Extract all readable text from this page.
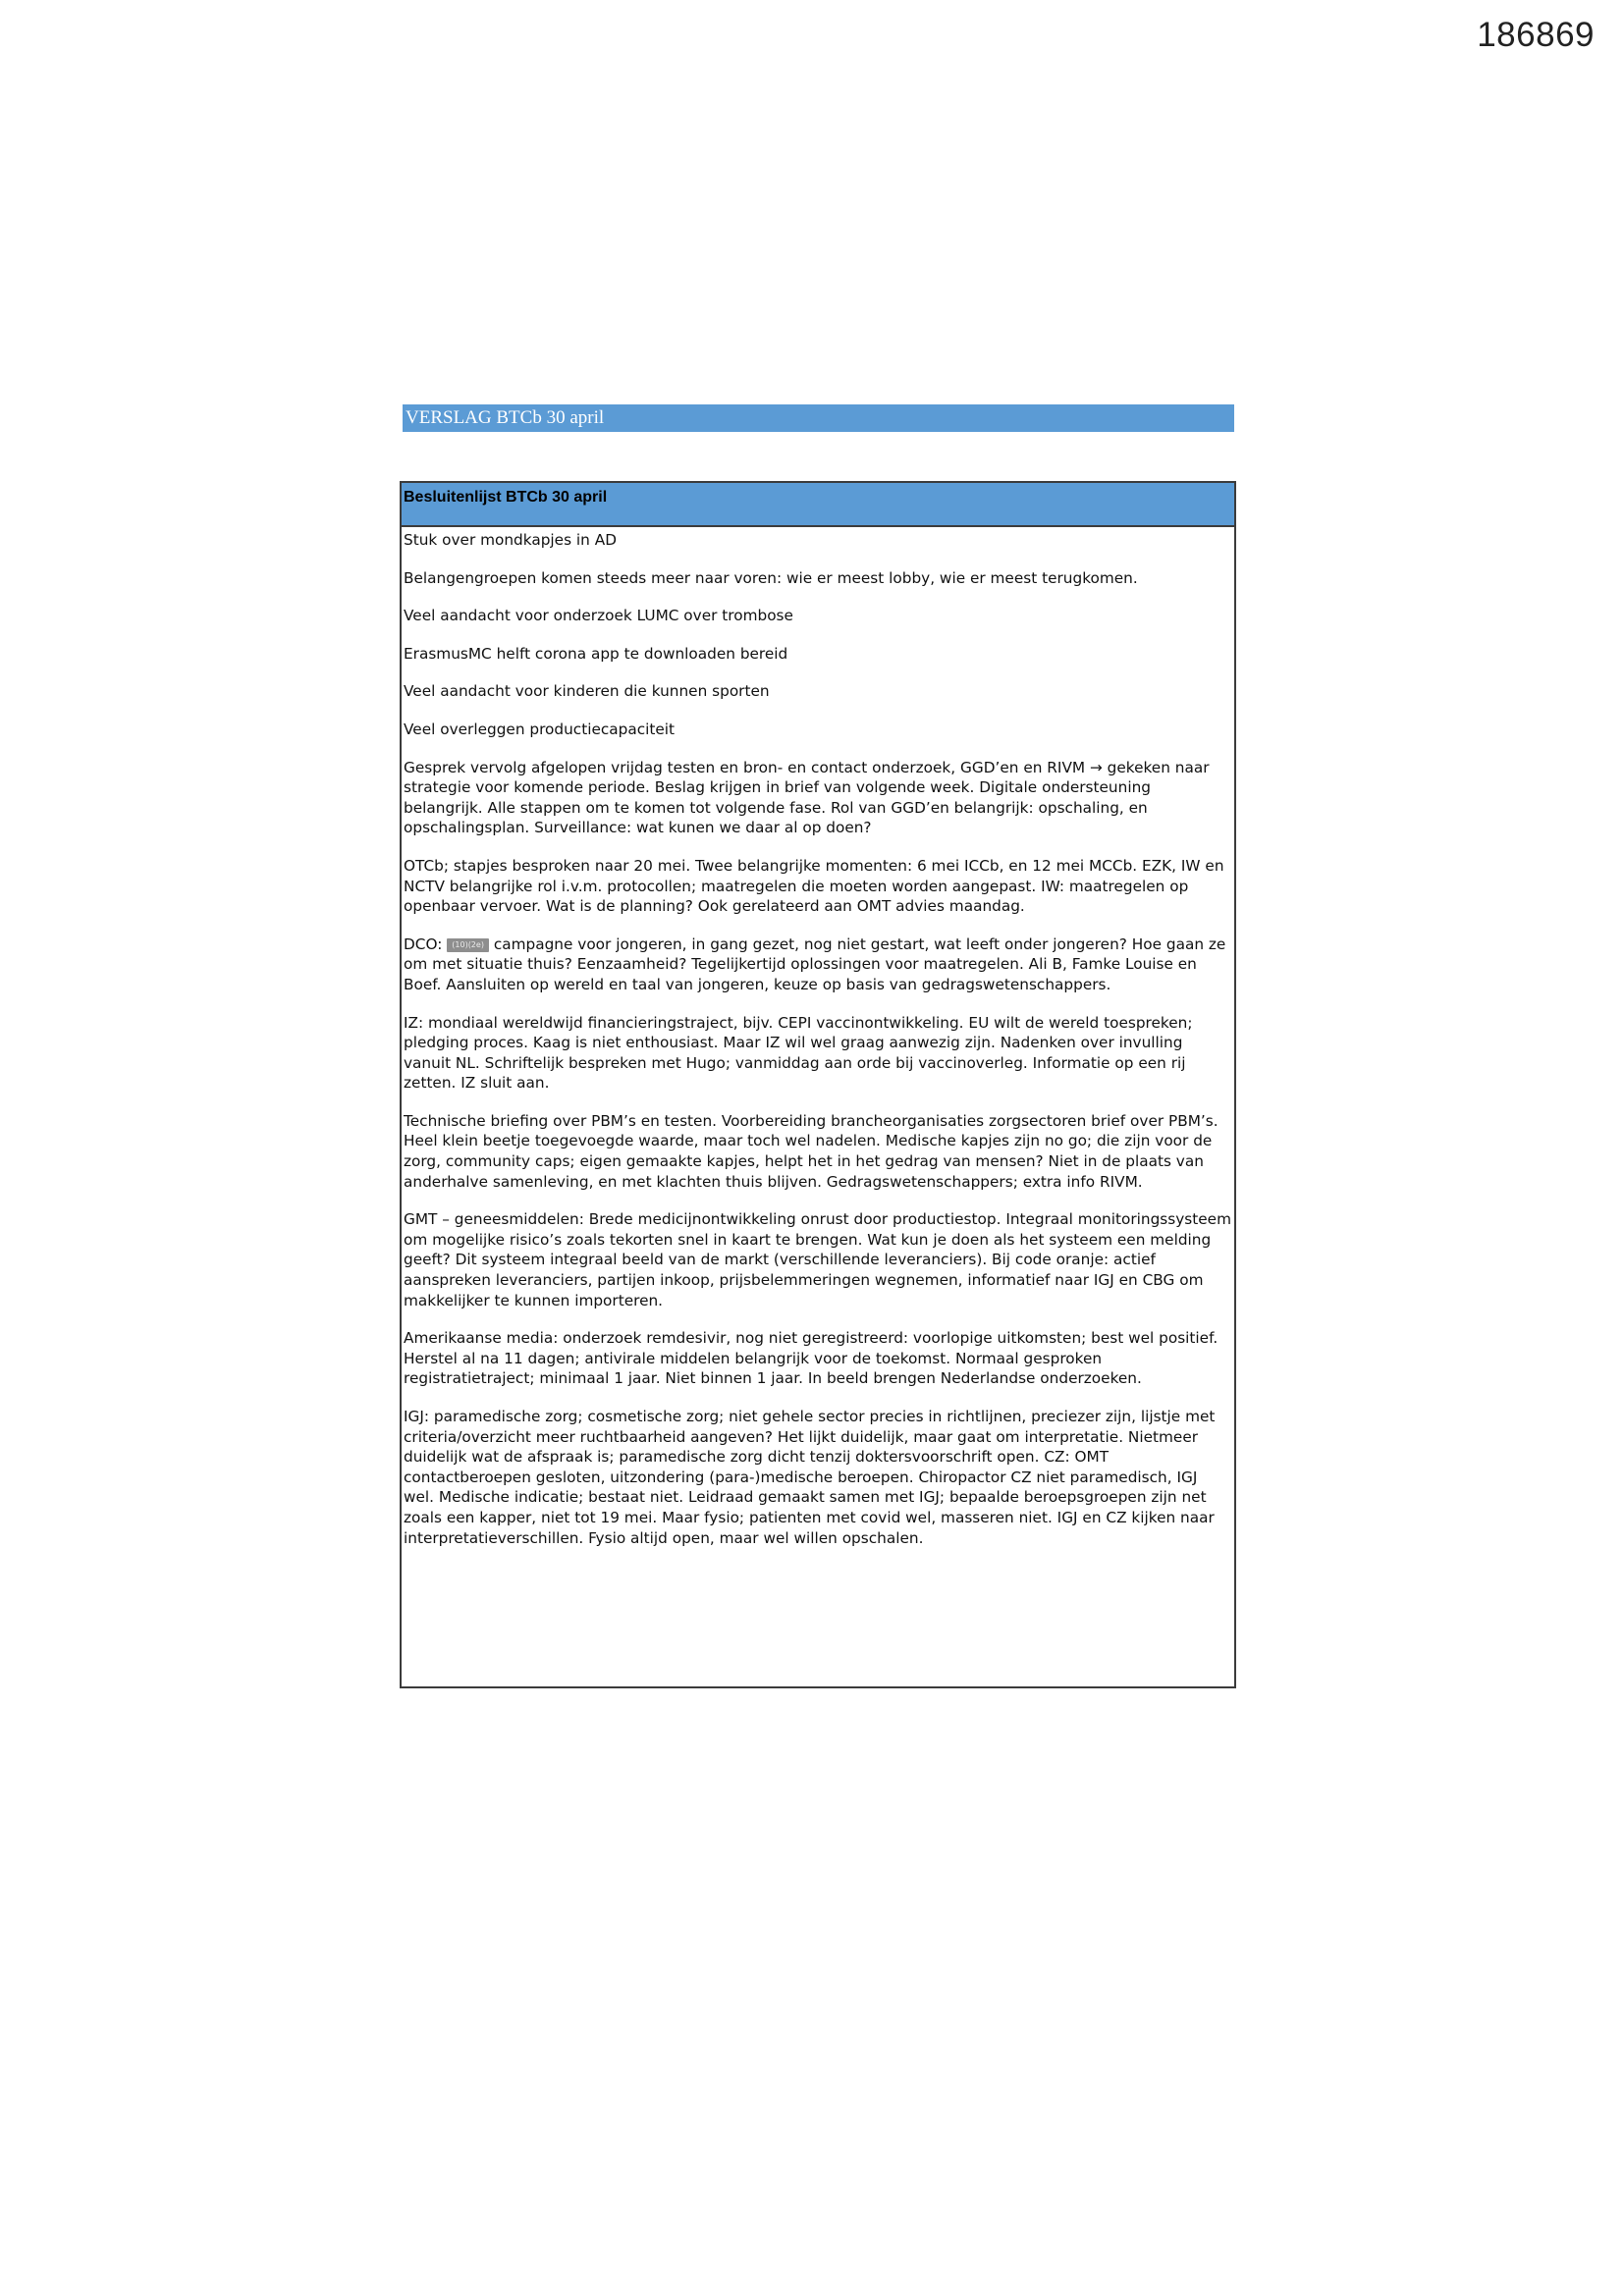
186869
VERSLAG BTCb 30 april
Besluitenlijst BTCb 30 april

Stuk over mondkapjes in AD

Belangengroepen komen steeds meer naar voren: wie er meest lobby, wie er meest terugkomen.

Veel aandacht voor onderzoek LUMC over trombose

ErasmusMC helft corona app te downloaden bereid

Veel aandacht voor kinderen die kunnen sporten

Veel overleggen productiecapaciteit

Gesprek vervolg afgelopen vrijdag testen en bron- en contact onderzoek, GGD’en en RIVM → gekeken naar strategie voor komende periode. Beslag krijgen in brief van volgende week. Digitale ondersteuning belangrijk. Alle stappen om te komen tot volgende fase. Rol van GGD’en belangrijk: opschaling, en opschalingsplan. Surveillance: wat kunen we daar al op doen?

OTCb; stapjes besproken naar 20 mei. Twee belangrijke momenten: 6 mei ICCb, en 12 mei MCCb. EZK, IW en NCTV belangrijke rol i.v.m. protocollen; maatregelen die moeten worden aangepast. IW: maatregelen op openbaar vervoer. Wat is de planning? Ook gerelateerd aan OMT advies maandag.

DCO: (10)(2e) campagne voor jongeren, in gang gezet, nog niet gestart, wat leeft onder jongeren? Hoe gaan ze om met situatie thuis? Eenzaamheid? Tegelijkertijd oplossingen voor maatregelen. Ali B, Famke Louise en Boef. Aansluiten op wereld en taal van jongeren, keuze op basis van gedragswetenschappers.

IZ: mondiaal wereldwijd financieringstraject, bijv. CEPI vaccinontwikkeling. EU wilt de wereld toespreken; pledging proces. Kaag is niet enthousiast. Maar IZ wil wel graag aanwezig zijn. Nadenken over invulling vanuit NL. Schriftelijk bespreken met Hugo; vanmiddag aan orde bij vaccinoverleg. Informatie op een rij zetten. IZ sluit aan.

Technische briefing over PBM’s en testen. Voorbereiding brancheorganisaties zorgsectoren brief over PBM’s. Heel klein beetje toegevoegde waarde, maar toch wel nadelen. Medische kapjes zijn no go; die zijn voor de zorg, community caps; eigen gemaakte kapjes, helpt het in het gedrag van mensen? Niet in de plaats van anderhalve samenleving, en met klachten thuis blijven. Gedragswetenschappers; extra info RIVM.

GMT – geneesmiddelen: Brede medicijnontwikkeling onrust door productiestop. Integraal monitoringssysteem om mogelijke risico’s zoals tekorten snel in kaart te brengen. Wat kun je doen als het systeem een melding geeft? Dit systeem integraal beeld van de markt (verschillende leveranciers). Bij code oranje: actief aanspreken leveranciers, partijen inkoop, prijsbelemmeringen wegnemen, informatief naar IGJ en CBG om makkelijker te kunnen importeren.

Amerikaanse media: onderzoek remdesivir, nog niet geregistreerd: voorlopige uitkomsten; best wel positief. Herstel al na 11 dagen; antivirale middelen belangrijk voor de toekomst. Normaal gesproken registratietraject; minimaal 1 jaar. Niet binnen 1 jaar. In beeld brengen Nederlandse onderzoeken.

IGJ: paramedische zorg; cosmetische zorg; niet gehele sector precies in richtlijnen, preciezer zijn, lijstje met criteria/overzicht meer ruchtbaarheid aangeven? Het lijkt duidelijk, maar gaat om interpretatie. Nietmeer duidelijk wat de afspraak is; paramedische zorg dicht tenzij doktersvoorschrift open. CZ: OMT contactberoepen gesloten, uitzondering (para-)medische beroepen. Chiropactor CZ niet paramedisch, IGJ wel. Medische indicatie; bestaat niet. Leidraad gemaakt samen met IGJ; bepaalde beroepsgroepen zijn net zoals een kapper, niet tot 19 mei. Maar fysio; patienten met covid wel, masseren niet. IGJ en CZ kijken naar interpretatieverschillen. Fysio altijd open, maar wel willen opschalen.
